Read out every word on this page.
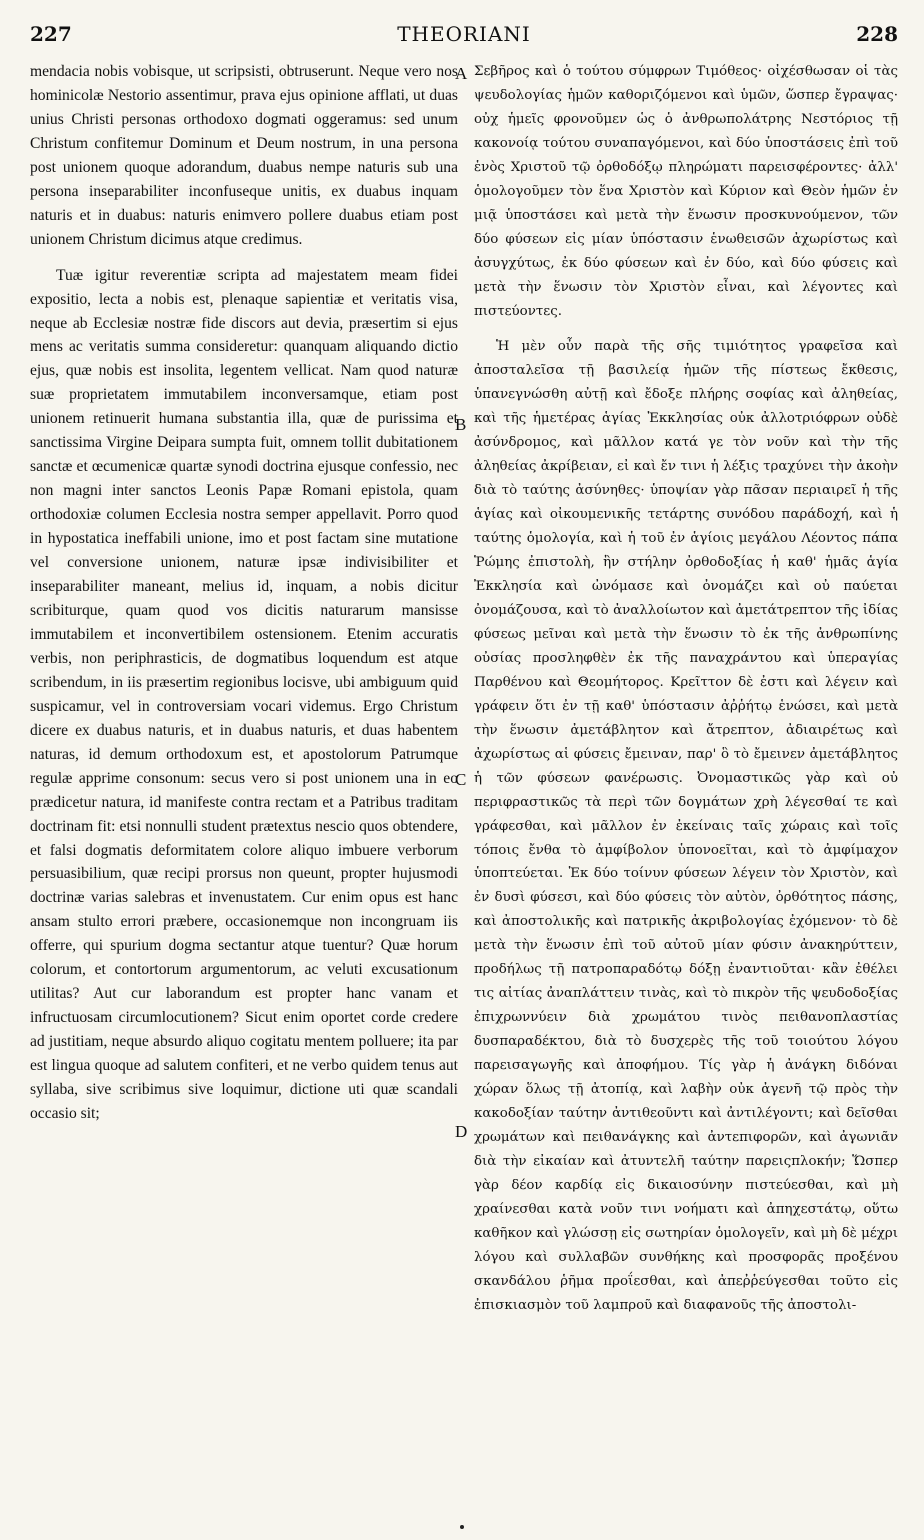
227	THEORIANI	228

mendacia nobis vobisque, ut scripsisti, obtruserunt. Neque vero nos hominicolæ Nestorio assentimur, prava ejus opinione afflati, ut duas unius Christi personas orthodoxo dogmati oggeramus: sed unum Christum confitemur Dominum et Deum nostrum, in una persona post unionem quoque adorandum, duabus nempe naturis sub una persona inseparabiliter inconfuseque unitis, ex duabus inquam naturis et in duabus: naturis enimvero pollere duabus etiam post unionem Christum dicimus atque credimus.

Tuæ igitur reverentiæ scripta ad majestatem meam fidei expositio, lecta a nobis est, plenaque sapientiæ et veritatis visa, neque ab Ecclesiæ nostræ fide discors aut devia, præsertim si ejus mens ac veritatis summa consideretur: quanquam aliquando dictio ejus, quæ nobis est insolita, legentem vellicat. Nam quod naturæ suæ proprietatem immutabilem inconversamque, etiam post unionem retinuerit humana substantia illa, quæ de purissima et sanctissima Virgine Deipara sumpta fuit, omnem tollit dubitationem sanctæ et œcumenicæ quartæ synodi doctrina ejusque confessio, nec non magni inter sanctos Leonis Papæ Romani epistola, quam orthodoxiæ columen Ecclesia nostra semper appellavit. Porro quod in hypostatica ineffabili unione, imo et post factam sine mutatione vel conversione unionem, naturæ ipsæ indivisibiliter et inseparabiliter maneant, melius id, inquam, a nobis dicitur scribiturque, quam quod vos dicitis naturarum mansisse immutabilem et inconvertibilem ostensionem. Etenim accuratis verbis, non periphrasticis, de dogmatibus loquendum est atque scribendum, in iis præsertim regionibus locisve, ubi ambiguum quid suspicamur, vel in controversiam vocari videmus. Ergo Christum dicere ex duabus naturis, et in duabus naturis, et duas habentem naturas, id demum orthodoxum est, et apostolorum Patrumque regulæ apprime consonum: secus vero si post unionem una in eo prædicetur natura, id manifeste contra rectam et a Patribus traditam doctrinam fit: etsi nonnulli student prætextus nescio quos obtendere, et falsi dogmatis deformitatem colore aliquo imbuere verborum persuasibilium, quæ recipi prorsus non queunt, propter hujusmodi doctrinæ varias salebras et invenustatem. Cur enim opus est hanc ansam stulto errori præbere, occasionemque non incongruam iis offerre, qui spurium dogma sectantur atque tuentur? Quæ horum colorum, et contortorum argumentorum, ac veluti excusationum utilitas? Aut cur laborandum est propter hanc vanam et infructuosam circumlocutionem? Sicut enim oportet corde credere ad justitiam, neque absurdo aliquo cogitatu mentem polluere; ita par est lingua quoque ad salutem confiteri, et ne verbo quidem tenus aut syllaba, sive scribimus sive loquimur, dictione uti quæ scandali occasio sit;

A
B
C
D

Σεβῆρος καὶ ὁ τούτου σύμφρων Τιμόθεος· οἰχέσθωσαν οἱ τὰς ψευδολογίας ἡμῶν καθοριζόμενοι καὶ ὑμῶν, ὥσπερ ἔγραψας· οὐχ ἡμεῖς φρονοῦμεν ὡς ὁ ἀνθρωπολάτρης Νεστόριος τῇ κακονοίᾳ τούτου συναπαγόμενοι, καὶ δύο ὑποστάσεις ἐπὶ τοῦ ἑνὸς Χριστοῦ τῷ ὀρθοδόξῳ πληρώματι παρεισφέροντες· ἀλλ' ὁμολογοῦμεν τὸν ἕνα Χριστὸν καὶ Κύριον καὶ Θεὸν ἡμῶν ἐν μιᾷ ὑποστάσει καὶ μετὰ τὴν ἕνωσιν προσκυνούμενον, τῶν δύο φύσεων εἰς μίαν ὑπόστασιν ἑνωθεισῶν ἀχωρίστως καὶ ἀσυγχύτως, ἐκ δύο φύσεων καὶ ἐν δύο, καὶ δύο φύσεις καὶ μετὰ τὴν ἕνωσιν τὸν Χριστὸν εἶναι, καὶ λέγοντες καὶ πιστεύοντες.

Ἡ μὲν οὖν παρὰ τῆς σῆς τιμιότητος γραφεῖσα καὶ ἀποσταλεῖσα τῇ βασιλείᾳ ἡμῶν τῆς πίστεως ἔκθεσις, ὑπανεγνώσθη αὐτῇ καὶ ἔδοξε πλήρης σοφίας καὶ ἀληθείας, καὶ τῆς ἡμετέρας ἁγίας Ἐκκλησίας οὐκ ἀλλοτριόφρων οὐδὲ ἀσύνδρομος, καὶ μᾶλλον κατά γε τὸν νοῦν καὶ τὴν τῆς ἀληθείας ἀκρίβειαν, εἰ καὶ ἔν τινι ἡ λέξις τραχύνει τὴν ἀκοὴν διὰ τὸ ταύτης ἀσύνηθες· ὑποψίαν γὰρ πᾶσαν περιαιρεῖ ἡ τῆς ἁγίας καὶ οἰκουμενικῆς τετάρτης συνόδου παράδοχή, καὶ ἡ ταύτης ὁμολογία, καὶ ἡ τοῦ ἐν ἁγίοις μεγάλου Λέοντος πάπα Ῥώμης ἐπιστολὴ, ἣν στήλην ὀρθοδοξίας ἡ καθ' ἡμᾶς ἁγία Ἐκκλησία καὶ ὠνόμασε καὶ ὀνομάζει καὶ οὐ παύεται ὀνομάζουσα, καὶ τὸ ἀναλλοίωτον καὶ ἀμετάτρεπτον τῆς ἰδίας φύσεως μεῖναι καὶ μετὰ τὴν ἕνωσιν τὸ ἐκ τῆς ἀνθρωπίνης οὐσίας προσληφθὲν ἐκ τῆς παναχράντου καὶ ὑπεραγίας Παρθένου καὶ Θεομήτορος. Κρεῖττον δὲ ἐστι καὶ λέγειν καὶ γράφειν ὅτι ἐν τῇ καθ' ὑπόστασιν ἀῤῥήτῳ ἑνώσει, καὶ μετὰ τὴν ἕνωσιν ἀμετάβλητον καὶ ἄτρεπτον, ἀδιαιρέτως καὶ ἀχωρίστως αἱ φύσεις ἔμειναν, παρ' ὃ τὸ ἔμεινεν ἀμετάβλητος ἡ τῶν φύσεων φανέρωσις. Ὀνομαστικῶς γὰρ καὶ οὐ περιφραστικῶς τὰ περὶ τῶν δογμάτων χρὴ λέγεσθαί τε καὶ γράφεσθαι, καὶ μᾶλλον ἐν ἐκείναις ταῖς χώραις καὶ τοῖς τόποις ἔνθα τὸ ἀμφίβολον ὑπονοεῖται, καὶ τὸ ἀμφίμαχον ὑποπτεύεται. Ἐκ δύο τοίνυν φύσεων λέγειν τὸν Χριστὸν, καὶ ἐν δυσὶ φύσεσι, καὶ δύο φύσεις τὸν αὐτὸν, ὀρθότητος πάσης, καὶ ἀποστολικῆς καὶ πατρικῆς ἀκριβολογίας ἐχόμενον· τὸ δὲ μετὰ τὴν ἕνωσιν ἐπὶ τοῦ αὐτοῦ μίαν φύσιν ἀνακηρύττειν, προδήλως τῇ πατροπαραδότῳ δόξῃ ἐναντιοῦται· κἂν ἐθέλει τις αἰτίας ἀναπλάττειν τινὰς, καὶ τὸ πικρὸν τῆς ψευδοδοξίας ἐπιχρωννύειν διὰ χρωμάτου τινὸς πειθανοπλαστίας δυσπαραδέκτου, διὰ τὸ δυσχερὲς τῆς τοῦ τοιούτου λόγου παρεισαγωγῆς καὶ ἀποφήμου. Τίς γὰρ ἡ ἀνάγκη διδόναι χώραν ὅλως τῇ ἀτοπίᾳ, καὶ λαβὴν οὐκ ἀγενῆ τῷ πρὸς τὴν κακοδοξίαν ταύτην ἀντιθεοῦντι καὶ ἀντιλέγοντι; καὶ δεῖσθαι χρωμάτων καὶ πειθανάγκης καὶ ἀντεπιφορῶν, καὶ ἀγωνιᾶν διὰ τὴν εἰκαίαν καὶ ἀτυντελῆ ταύτην παρειςπλοκήν; Ὥσπερ γὰρ δέον καρδίᾳ εἰς δικαιοσύνην πιστεύεσθαι, καὶ μὴ χραίνεσθαι κατὰ νοῦν τινι νοήματι καὶ ἀπηχεστάτῳ, οὕτω καθῆκον καὶ γλώσσῃ εἰς σωτηρίαν ὁμολογεῖν, καὶ μὴ δὲ μέχρι λόγου καὶ συλλαβῶν συνθήκης καὶ προσφορᾶς προξένου σκανδάλου ῥῆμα προΐεσθαι, καὶ ἀπεῤῥεύγεσθαι τοῦτο εἰς ἐπισκιασμὸν τοῦ λαμπροῦ καὶ διαφανοῦς τῆς ἀποστολι-
